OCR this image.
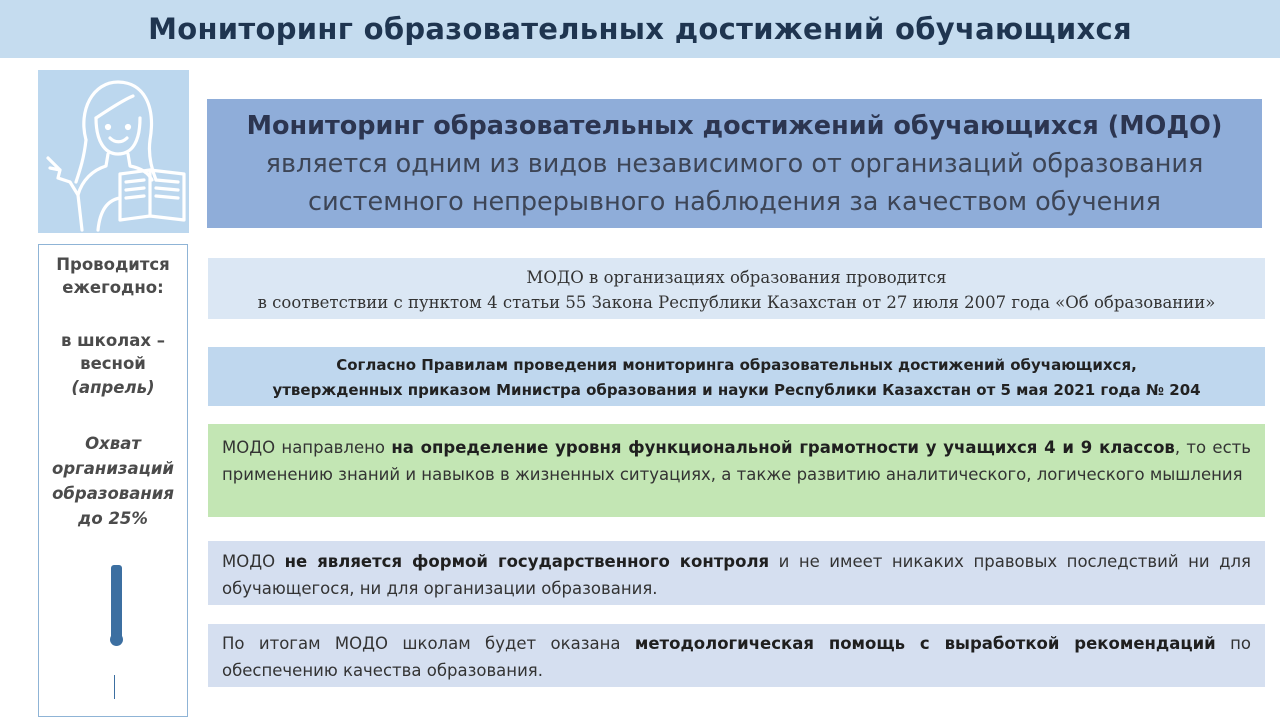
Мониторинг образовательных достижений обучающихся
Проводится
ежегодно:
в школах –
весной
(апрель)
Охват
организаций
образования
до 25%
Мониторинг образовательных достижений обучающихся (МОДО)
является одним из видов независимого от организаций образования
системного непрерывного наблюдения за качеством обучения
МОДО в организациях образования проводится
в соответствии с пунктом 4 статьи 55 Закона Республики Казахстан от 27 июля 2007 года «Об образовании»
Согласно Правилам проведения мониторинга образовательных достижений обучающихся,
утвержденных приказом Министра образования и науки Республики Казахстан от 5 мая 2021 года № 204
МОДО направлено на определение уровня функциональной грамотности у учащихся 4 и 9 классов, то есть применению знаний и навыков в жизненных ситуациях, а также развитию аналитического, логического мышления
МОДО не является формой государственного контроля и не имеет никаких правовых последствий ни для обучающегося, ни для организации образования.
По итогам МОДО школам будет оказана методологическая помощь с выработкой рекомендаций по обеспечению качества образования.
